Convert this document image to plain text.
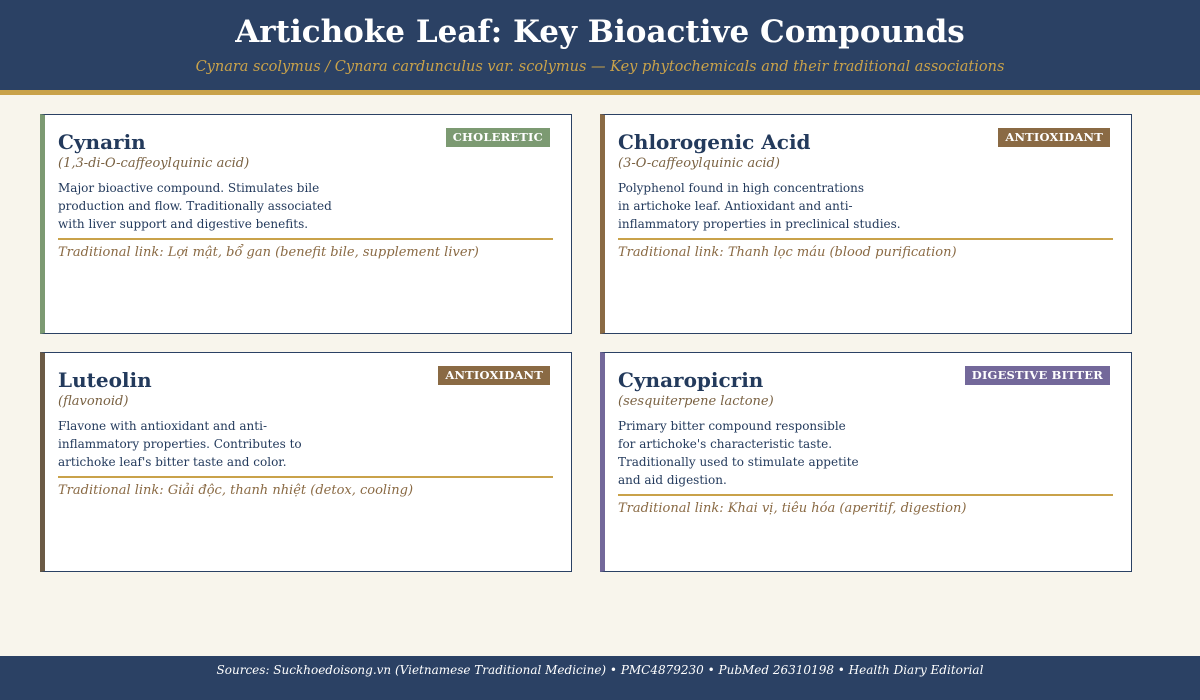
Artichoke Leaf: Key Bioactive Compounds
Cynara scolymus / Cynara cardunculus var. scolymus — Key phytochemicals and their traditional associations
Cynarin	CHOLERETIC
(1,3-di-O-caffeoylquinic acid)
Major bioactive compound. Stimulates bile
production and flow. Traditionally associated
with liver support and digestive benefits.
Traditional link: Lợi mật, bổ gan (benefit bile, supplement liver)
Chlorogenic Acid	ANTIOXIDANT
(3-O-caffeoylquinic acid)
Polyphenol found in high concentrations
in artichoke leaf. Antioxidant and anti-
inflammatory properties in preclinical studies.
Traditional link: Thanh lọc máu (blood purification)
Luteolin	ANTIOXIDANT
(flavonoid)
Flavone with antioxidant and anti-
inflammatory properties. Contributes to
artichoke leaf's bitter taste and color.
Traditional link: Giải độc, thanh nhiệt (detox, cooling)
Cynaropicrin	DIGESTIVE BITTER
(sesquiterpene lactone)
Primary bitter compound responsible
for artichoke's characteristic taste.
Traditionally used to stimulate appetite
and aid digestion.
Traditional link: Khai vị, tiêu hóa (aperitif, digestion)
Sources: Suckhoedoisong.vn (Vietnamese Traditional Medicine) • PMC4879230 • PubMed 26310198 • Health Diary Editorial
